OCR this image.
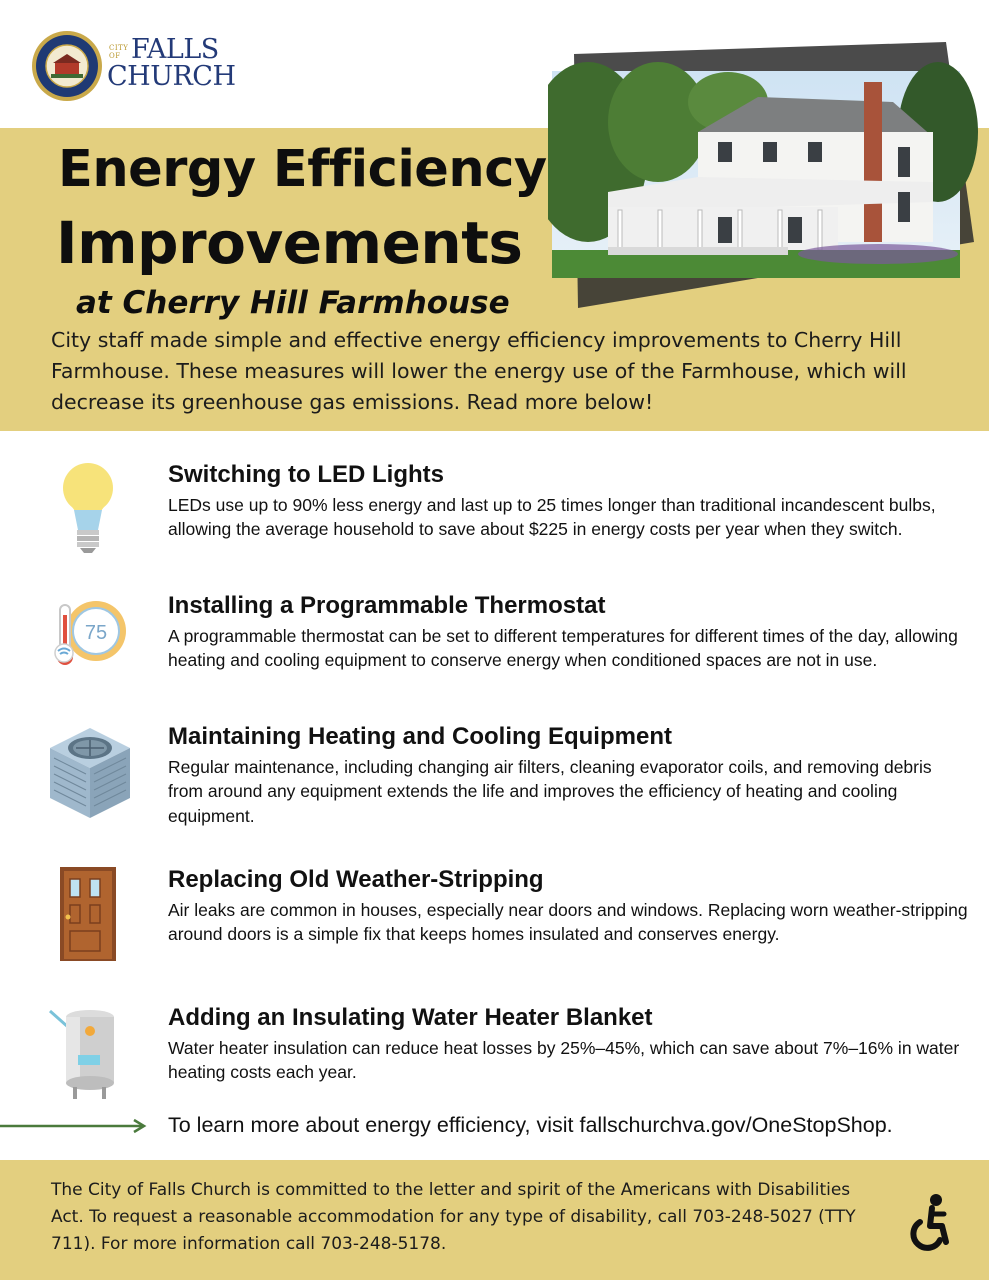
CITY OF FALLS
CHURCH
Energy Efficiency
Improvements
at Cherry Hill Farmhouse
City staff made simple and effective energy efficiency improvements to Cherry Hill Farmhouse. These measures will lower the energy use of the Farmhouse, which will decrease its greenhouse gas emissions. Read more below!
Switching to LED Lights
LEDs use up to 90% less energy and last up to 25 times longer than traditional incandescent bulbs, allowing the average household to save about $225 in energy costs per year when they switch.
75
Installing a Programmable Thermostat
A programmable thermostat can be set to different temperatures for different times of the day, allowing heating and cooling equipment to conserve energy when conditioned spaces are not in use.
Maintaining Heating and Cooling Equipment
Regular maintenance, including changing air filters, cleaning evaporator coils, and removing debris from around any equipment extends the life and improves the efficiency of heating and cooling equipment.
Replacing Old Weather-Stripping
Air leaks are common in houses, especially near doors and windows. Replacing worn weather-stripping around doors is a simple fix that keeps homes insulated and conserves energy.
Adding an Insulating Water Heater Blanket
Water heater insulation can reduce heat losses by 25%–45%, which can save about 7%–16% in water heating costs each year.
To learn more about energy efficiency, visit fallschurchva.gov/OneStopShop.
The City of Falls Church is committed to the letter and spirit of the Americans with Disabilities Act. To request a reasonable accommodation for any type of disability, call 703-248-5027 (TTY 711). For more information call 703-248-5178.
